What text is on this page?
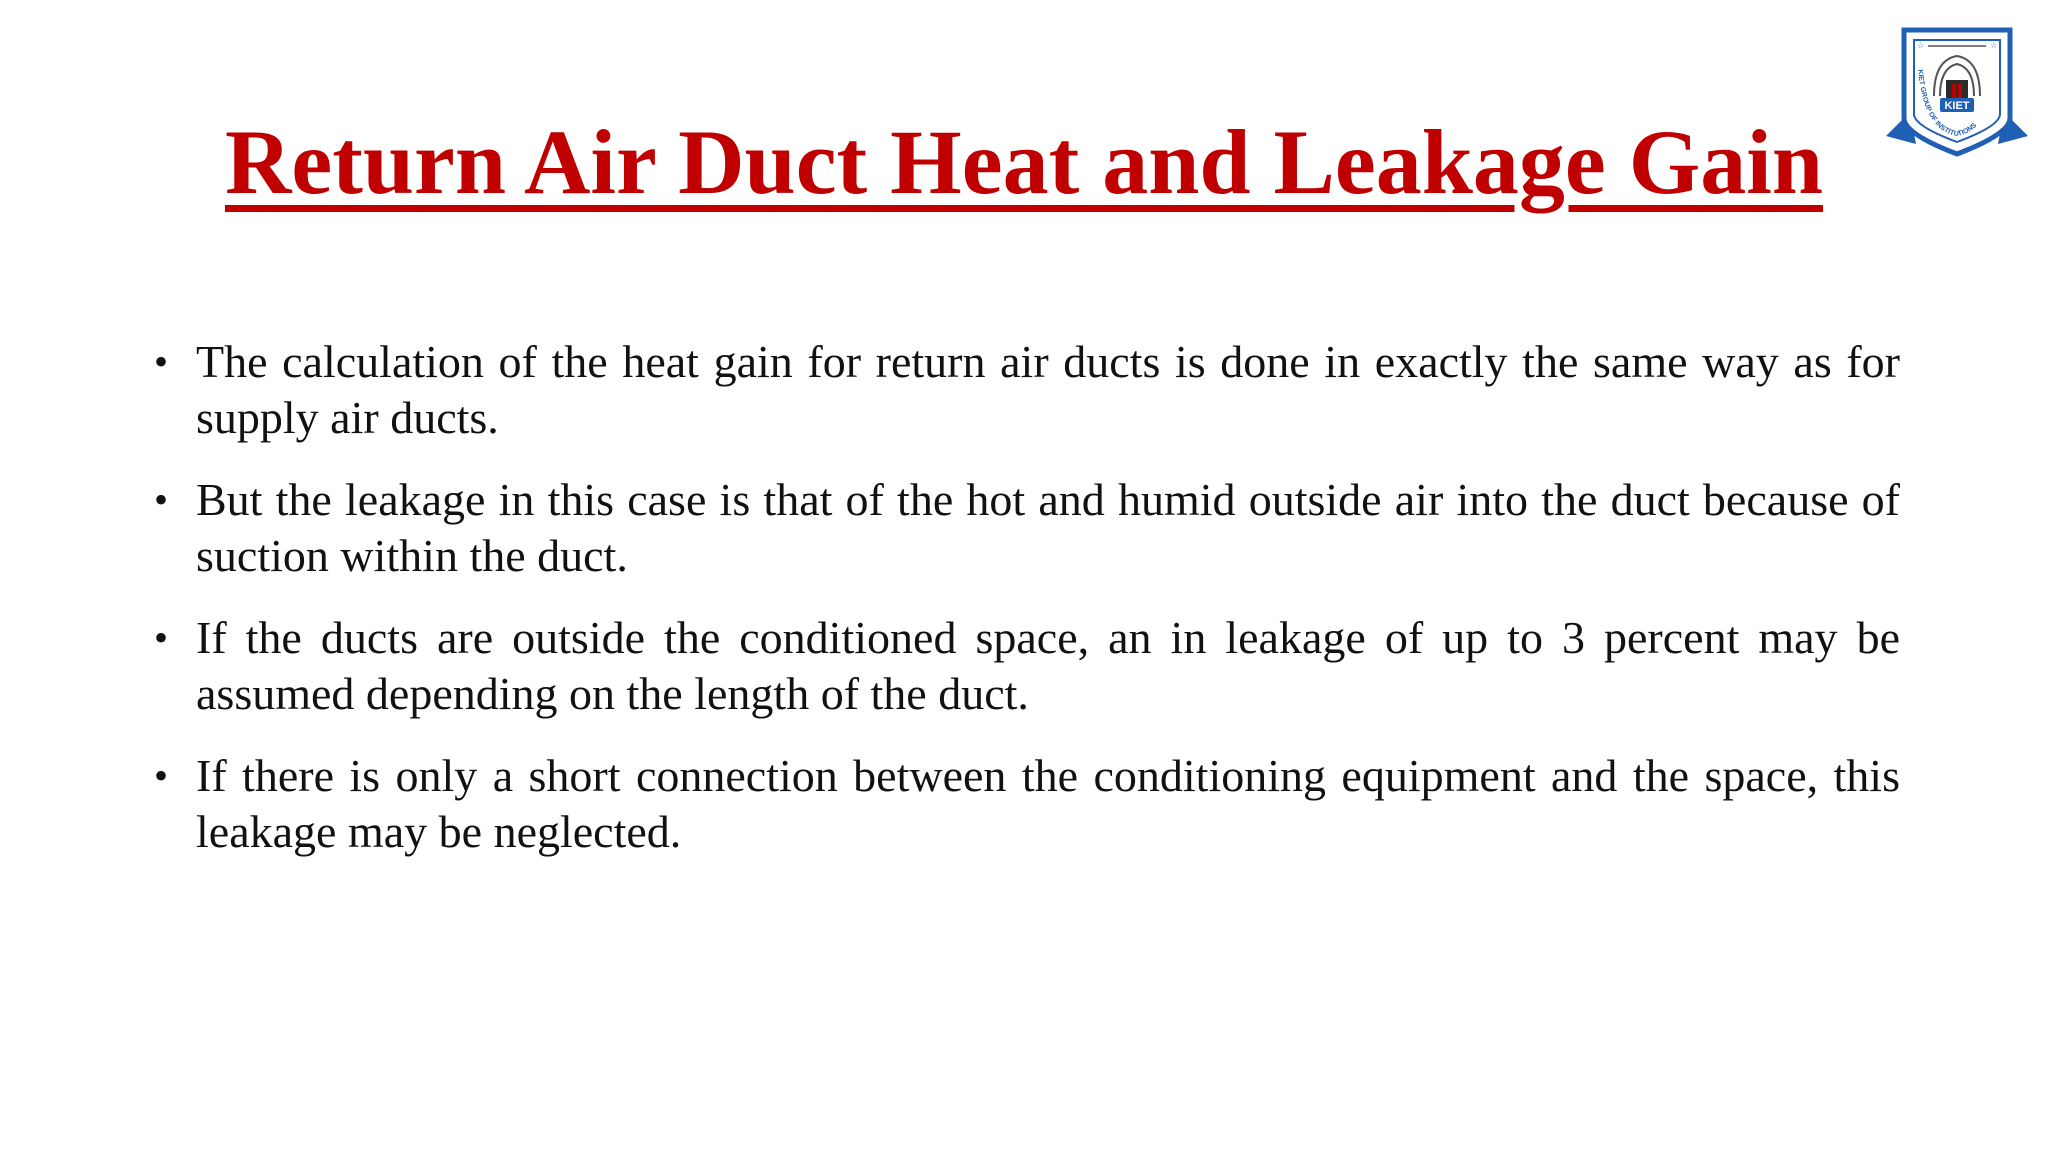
Return Air Duct Heat and Leakage Gain
KIET
☆	☆
KIET GROUP OF INSTITUTIONS
• The calculation of the heat gain for return air ducts is done in exactly the same way as for supply air ducts.
• But the leakage in this case is that of the hot and humid outside air into the duct because of suction within the duct.
• If the ducts are outside the conditioned space, an in leakage of up to 3 percent may be assumed depending on the length of the duct.
• If there is only a short connection between the conditioning equipment and the space, this leakage may be neglected.
